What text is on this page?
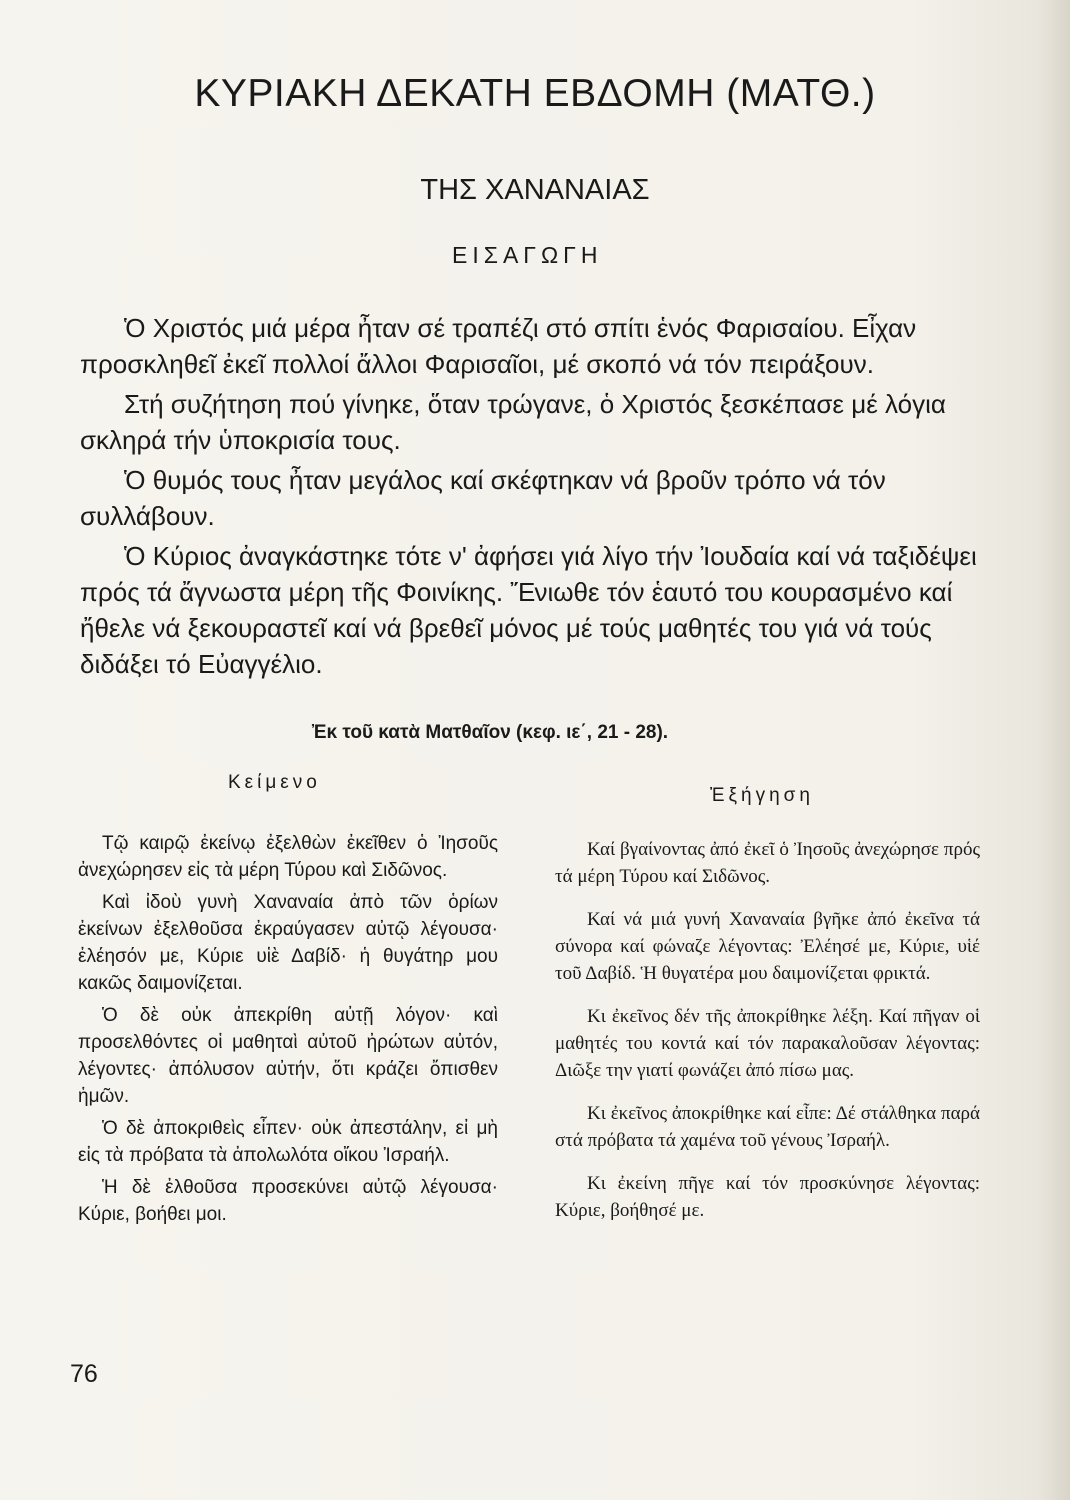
ΚΥΡΙΑΚΗ ΔΕΚΑΤΗ ΕΒΔΟΜΗ (ΜΑΤΘ.)
ΤΗΣ ΧΑΝΑΝΑΙΑΣ
ΕΙΣΑΓΩΓΗ

Ὁ Χριστός μιά μέρα ἦταν σέ τραπέζι στό σπίτι ἑνός Φαρισαίου. Εἶχαν προσκληθεῖ ἐκεῖ πολλοί ἄλλοι Φαρισαῖοι, μέ σκοπό νά τόν πειράξουν.

Στή συζήτηση πού γίνηκε, ὅταν τρώγανε, ὁ Χριστός ξεσκέπασε μέ λόγια σκληρά τήν ὑποκρισία τους.

Ὁ θυμός τους ἦταν μεγάλος καί σκέφτηκαν νά βροῦν τρόπο νά τόν συλλάβουν.

Ὁ Κύριος ἀναγκάστηκε τότε ν' ἀφήσει γιά λίγο τήν Ἰουδαία καί νά ταξιδέψει πρός τά ἄγνωστα μέρη τῆς Φοινίκης. Ἔνιωθε τόν ἑαυτό του κουρασμένο καί ἤθελε νά ξεκουραστεῖ καί νά βρεθεῖ μόνος μέ τούς μαθητές του γιά νά τούς διδάξει τό Εὐαγγέλιο.

Ἐκ τοῦ κατὰ Ματθαῖον (κεφ. ιε΄, 21 - 28).

Κείμενο
Ἐξήγηση

Τῷ καιρῷ ἐκείνῳ ἐξελθὼν ἐκεῖθεν ὁ Ἰησοῦς ἀνεχώρησεν εἰς τὰ μέρη Τύρου καὶ Σιδῶνος.

Καὶ ἰδοὺ γυνὴ Χαναναία ἀπὸ τῶν ὁρίων ἐκείνων ἐξελθοῦσα ἐκραύγασεν αὐτῷ λέγουσα· ἐλέησόν με, Κύριε υἱὲ Δαβίδ· ἡ θυγάτηρ μου κακῶς δαιμονίζεται.

Ὁ δὲ οὐκ ἀπεκρίθη αὐτῇ λόγον· καὶ προσελθόντες οἱ μαθηταὶ αὐτοῦ ἠρώτων αὐτόν, λέγοντες· ἀπόλυσον αὐτήν, ὅτι κράζει ὄπισθεν ἡμῶν.

Ὁ δὲ ἀποκριθεὶς εἶπεν· οὐκ ἀπεστάλην, εἰ μὴ εἰς τὰ πρόβατα τὰ ἀπολωλότα οἴκου Ἰσραήλ.

Ἡ δὲ ἐλθοῦσα προσεκύνει αὐτῷ λέγουσα· Κύριε, βοήθει μοι.

Καί βγαίνοντας ἀπό ἐκεῖ ὁ Ἰησοῦς ἀνεχώρησε πρός τά μέρη Τύρου καί Σιδῶνος.

Καί νά μιά γυνή Χαναναία βγῆκε ἀπό ἐκεῖνα τά σύνορα καί φώναζε λέγοντας: Ἐλέησέ με, Κύριε, υἱέ τοῦ Δαβίδ. Ἡ θυγατέρα μου δαιμονίζεται φρικτά.

Κι ἐκεῖνος δέν τῆς ἀποκρίθηκε λέξη. Καί πῆγαν οἱ μαθητές του κοντά καί τόν παρακαλοῦσαν λέγοντας: Διῶξε την γιατί φωνάζει ἀπό πίσω μας.

Κι ἐκεῖνος ἀποκρίθηκε καί εἶπε: Δέ στάλθηκα παρά στά πρόβατα τά χαμένα τοῦ γένους Ἰσραήλ.

Κι ἐκείνη πῆγε καί τόν προσκύνησε λέγοντας: Κύριε, βοήθησέ με.

76
